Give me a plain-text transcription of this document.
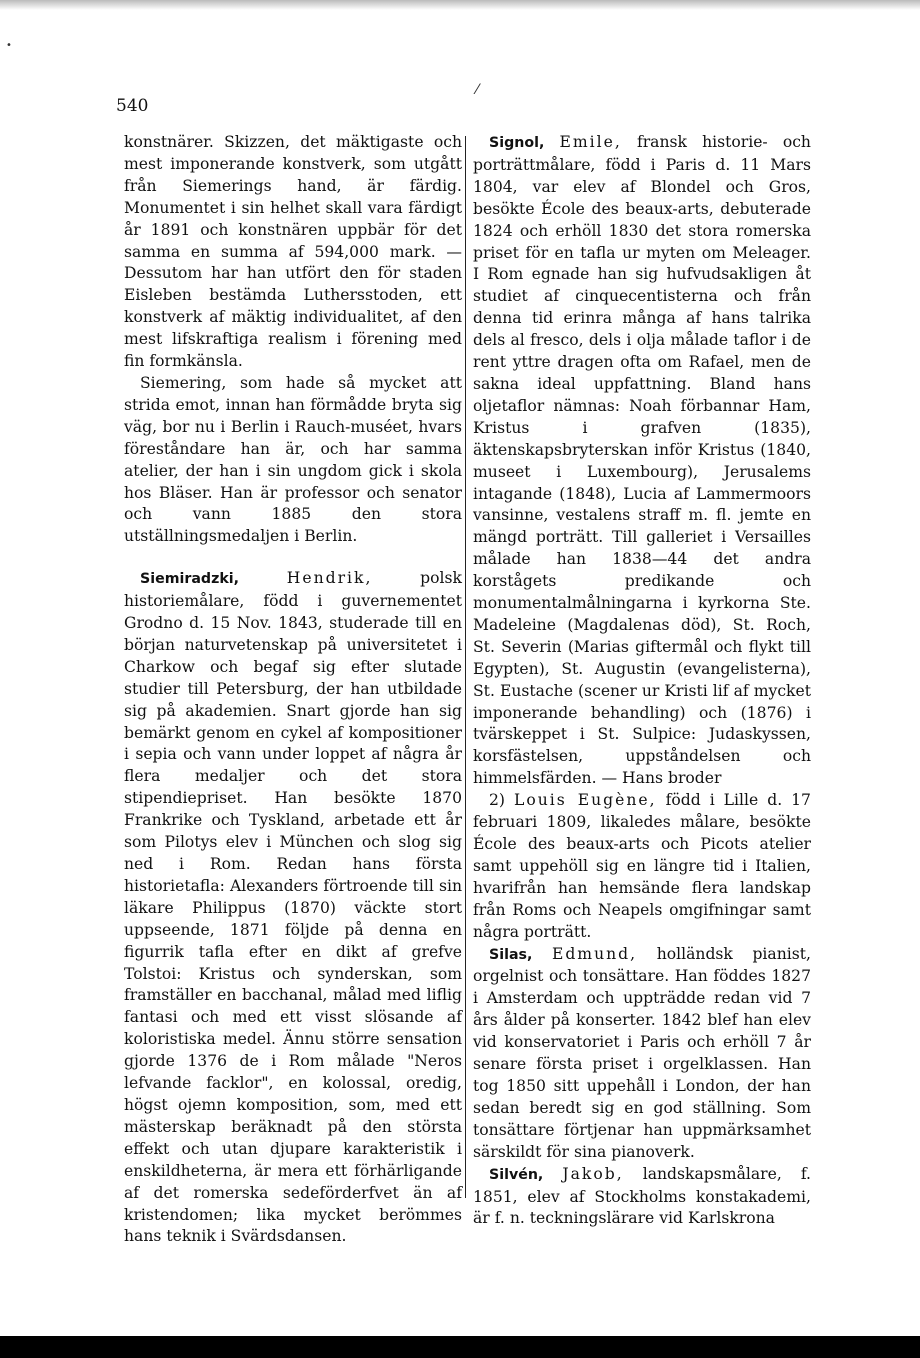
•
⁄
540

konstnärer. Skizzen, det mäktigaste och mest imponerande konstverk, som utgått från Siemerings hand, är färdig. Monumentet i sin helhet skall vara färdigt år 1891 och konstnären uppbär för det samma en summa af 594,000 mark. — Dessutom har han utfört den för staden Eisleben bestämda Luthersstoden, ett konstverk af mäktig individualitet, af den mest lifskraftiga realism i förening med fin formkänsla.

Siemering, som hade så mycket att strida emot, innan han förmådde bryta sig väg, bor nu i Berlin i Rauch-muséet, hvars föreståndare han är, och har samma atelier, der han i sin ungdom gick i skola hos Bläser. Han är professor och senator och vann 1885 den stora utställningsmedaljen i Berlin.

Siemiradzki,	Hendrik,	polsk historiemålare, född i guvernementet Grodno d. 15 Nov. 1843, studerade till en början naturvetenskap på universitetet i Charkow och begaf sig efter slutade studier till Petersburg, der han utbildade sig på akademien. Snart gjorde han sig bemärkt genom en cykel af kompositioner i sepia och vann under loppet af några år flera medaljer och det stora stipendiepriset. Han besökte 1870 Frankrike och Tyskland, arbetade ett år som Pilotys elev i München och slog sig ned i Rom. Redan hans första historietafla: Alexanders förtroende till sin läkare Philippus (1870) väckte stort uppseende, 1871 följde på denna en figurrik tafla efter en dikt af grefve Tolstoi: Kristus och synderskan, som framställer en bacchanal, målad med liflig fantasi och med ett visst slösande af koloristiska medel. Ännu större sensation gjorde 1376 de i Rom målade "Neros lefvande facklor", en kolossal, oredig, högst ojemn komposition, som, med ett mästerskap beräknadt på den största effekt och utan djupare karakteristik i enskildheterna, är mera ett förhärligande af det romerska sedeförderfvet än af kristendomen; lika mycket berömmes hans teknik i Svärdsdansen.

Signol, Emile, fransk historie- och porträttmålare, född i Paris d. 11 Mars 1804, var elev af Blondel och Gros, besökte École des beaux-arts, debuterade 1824 och erhöll 1830 det stora romerska priset för en tafla ur myten om Meleager. I Rom egnade han sig hufvudsakligen åt studiet af cinquecentisterna och från denna tid erinra många af hans talrika dels al fresco, dels i olja målade taflor i de rent yttre dragen ofta om Rafael, men de sakna ideal uppfattning. Bland hans oljetaflor nämnas: Noah förbannar Ham, Kristus i grafven (1835), äktenskapsbryterskan inför Kristus (1840, museet i Luxembourg), Jerusalems intagande (1848), Lucia af Lammermoors vansinne, vestalens straff m. fl. jemte en mängd porträtt. Till galleriet i Versailles målade han 1838—44 det andra korstågets predikande och monumentalmålningarna i kyrkorna Ste. Madeleine (Magdalenas död), St. Roch, St. Severin (Marias giftermål och flykt till Egypten), St. Augustin (evangelisterna), St. Eustache (scener ur Kristi lif af mycket imponerande behandling) och (1876) i tvärskeppet i St. Sulpice: Judaskyssen, korsfästelsen, uppståndelsen och himmelsfärden. — Hans broder

2) Louis Eugène, född i Lille d. 17 februari 1809, likaledes målare, besökte École des beaux-arts och Picots atelier samt uppehöll sig en längre tid i Italien, hvarifrån han hemsände flera landskap från Roms och Neapels omgifningar samt några porträtt.

Silas, Edmund, holländsk pianist, orgelnist och tonsättare. Han föddes 1827 i Amsterdam och uppträdde redan vid 7 års ålder på konserter. 1842 blef han elev vid konservatoriet i Paris och erhöll 7 år senare första priset i orgelklassen. Han tog 1850 sitt uppehåll i London, der han sedan beredt sig en god ställning. Som tonsättare förtjenar han uppmärksamhet särskildt för sina pianoverk.

Silvén, Jakob, landskapsmålare, f. 1851, elev af Stockholms konstakademi, är f. n. teckningslärare vid Karlskrona
